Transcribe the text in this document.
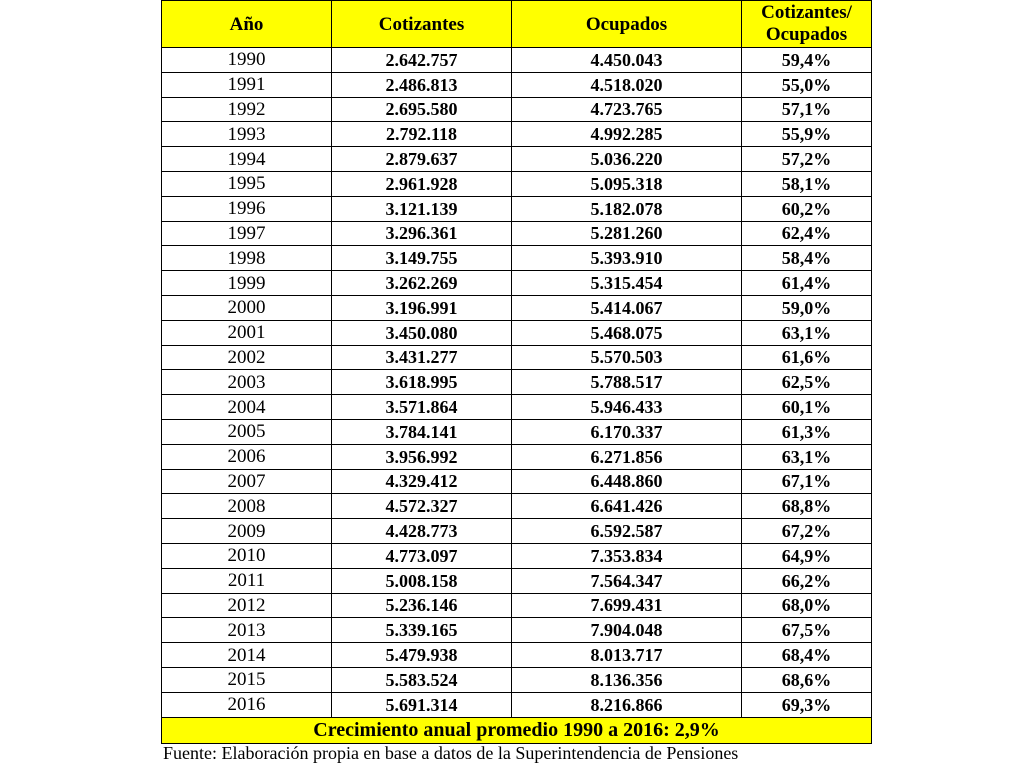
Año	Cotizantes	Ocupados	Cotizantes/
Ocupados
1990	2.642.757	4.450.043	59,4%
1991	2.486.813	4.518.020	55,0%
1992	2.695.580	4.723.765	57,1%
1993	2.792.118	4.992.285	55,9%
1994	2.879.637	5.036.220	57,2%
1995	2.961.928	5.095.318	58,1%
1996	3.121.139	5.182.078	60,2%
1997	3.296.361	5.281.260	62,4%
1998	3.149.755	5.393.910	58,4%
1999	3.262.269	5.315.454	61,4%
2000	3.196.991	5.414.067	59,0%
2001	3.450.080	5.468.075	63,1%
2002	3.431.277	5.570.503	61,6%
2003	3.618.995	5.788.517	62,5%
2004	3.571.864	5.946.433	60,1%
2005	3.784.141	6.170.337	61,3%
2006	3.956.992	6.271.856	63,1%
2007	4.329.412	6.448.860	67,1%
2008	4.572.327	6.641.426	68,8%
2009	4.428.773	6.592.587	67,2%
2010	4.773.097	7.353.834	64,9%
2011	5.008.158	7.564.347	66,2%
2012	5.236.146	7.699.431	68,0%
2013	5.339.165	7.904.048	67,5%
2014	5.479.938	8.013.717	68,4%
2015	5.583.524	8.136.356	68,6%
2016	5.691.314	8.216.866	69,3%
Crecimiento anual promedio 1990 a 2016: 2,9%			
Fuente: Elaboración propia en base a datos de la Superintendencia de Pensiones
